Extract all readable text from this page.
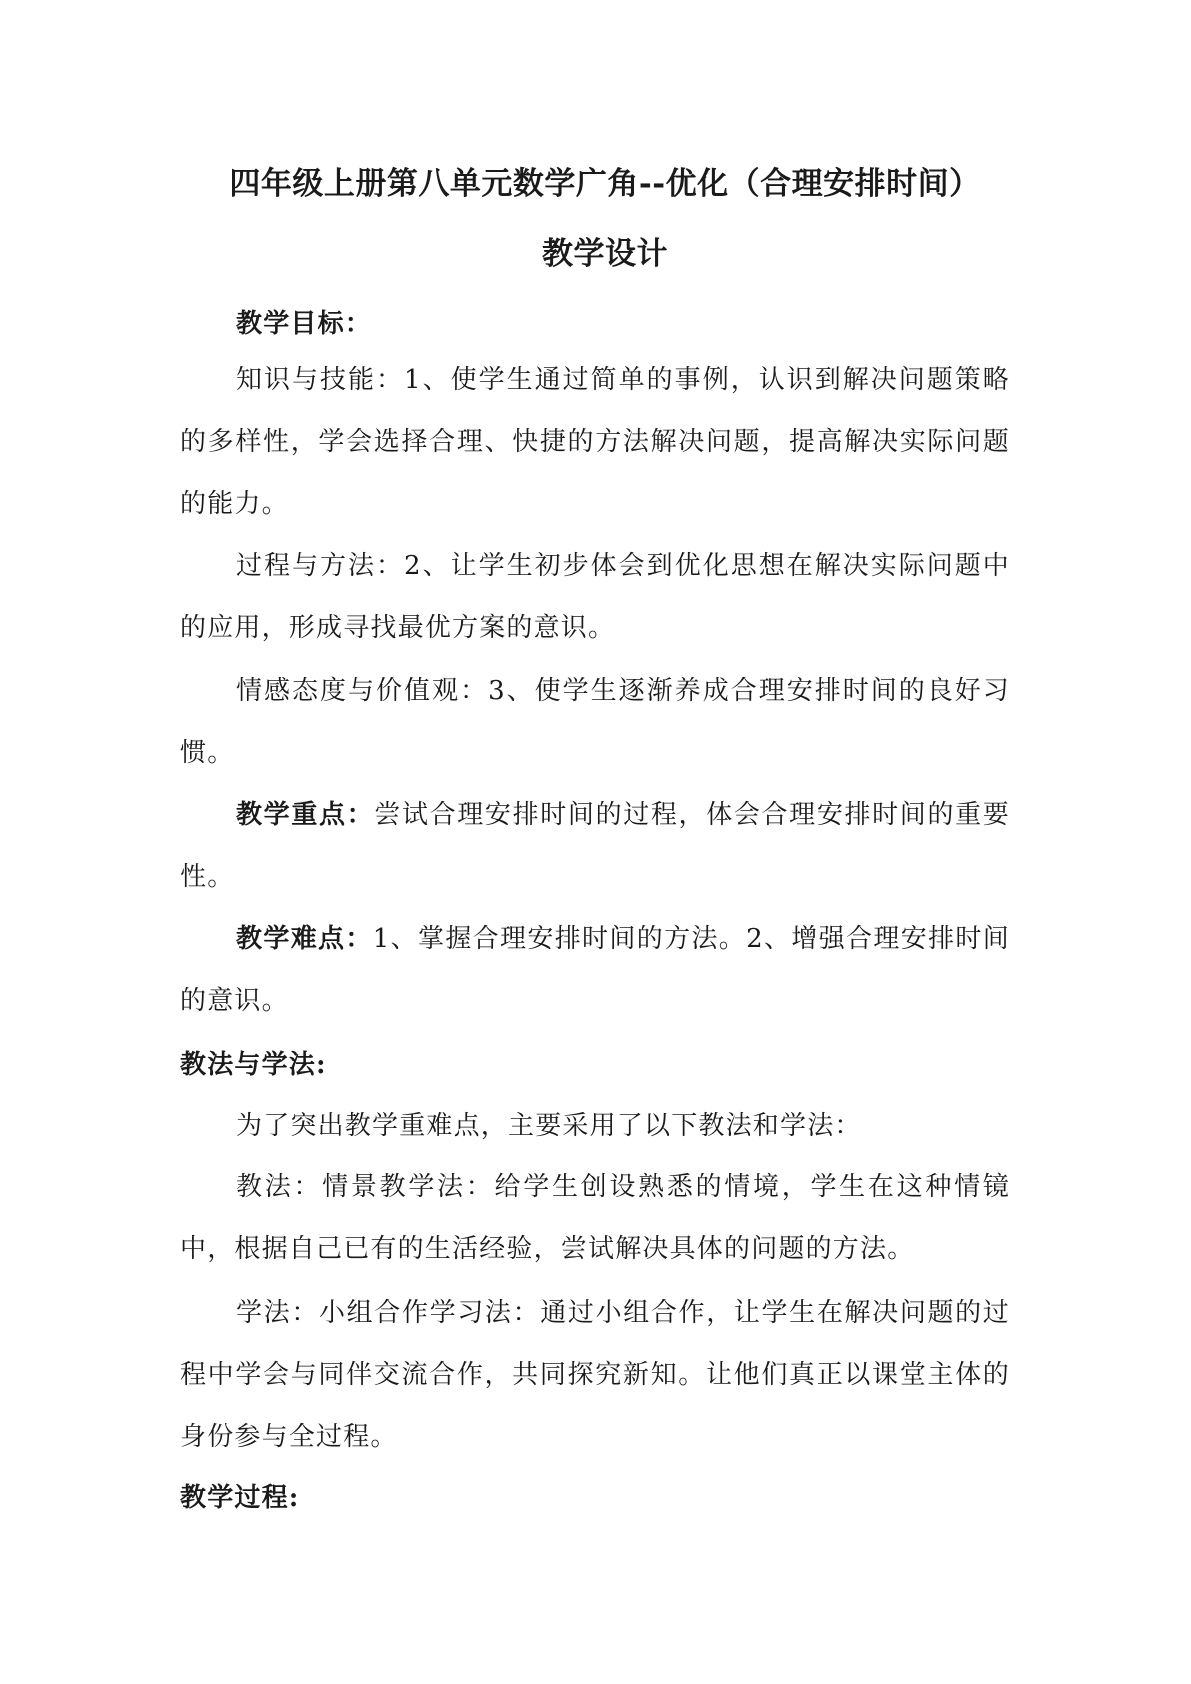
四年级上册第八单元数学广角--优化（合理安排时间）
教学设计
教学目标：
知识与技能：1、使学生通过简单的事例，认识到解决问题策略的多样性，学会选择合理、快捷的方法解决问题，提高解决实际问题的能力。
过程与方法：2、让学生初步体会到优化思想在解决实际问题中的应用，形成寻找最优方案的意识。
情感态度与价值观：3、使学生逐渐养成合理安排时间的良好习惯。
教学重点：尝试合理安排时间的过程，体会合理安排时间的重要性。
教学难点：1、掌握合理安排时间的方法。2、增强合理安排时间的意识。
教法与学法:
为了突出教学重难点，主要采用了以下教法和学法：
教法：情景教学法：给学生创设熟悉的情境，学生在这种情镜中，根据自己已有的生活经验，尝试解决具体的问题的方法。
学法：小组合作学习法：通过小组合作，让学生在解决问题的过程中学会与同伴交流合作，共同探究新知。让他们真正以课堂主体的身份参与全过程。
教学过程:
